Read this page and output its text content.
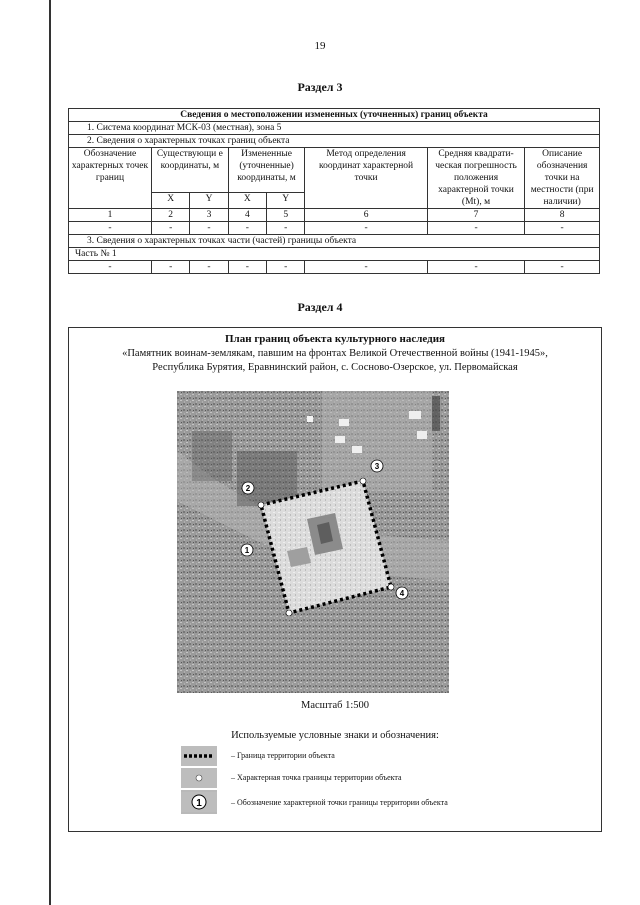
19
Раздел 3
Сведения о местоположении измененных (уточненных) границ объекта							
1. Система координат МСК-03 (местная), зона 5							
2. Сведения о характерных точках границ объекта							
Обозначение характерных точек границ	Существующи е координаты, м		Измененные (уточненные) координаты, м		Метод определения координат характерной точки	Средняя квадрати-ческая погрешность положения характерной точки (Mt), м	Описание обозначения точки на местности (при наличии)
	X	Y	X	Y			
1	2	3	4	5	6	7	8
-	-	-	-	-	-	-	-
3. Сведения о характерных точках части (частей) границы объекта							
Часть № 1							
-	-	-	-	-	-	-	-
Раздел 4
План границ объекта культурного наследия
«Памятник воинам-землякам, павшим на фронтах Великой Отечественной войны (1941-1945»,
Республика Бурятия, Еравнинский район, с. Сосново-Озерское, ул. Первомайская
1
2
3
4
Масштаб 1:500
Используемые условные знаки и обозначения:
– Граница территории объекта
– Характерная точка границы территории объекта
1	– Обозначение характерной точки границы территории объекта
